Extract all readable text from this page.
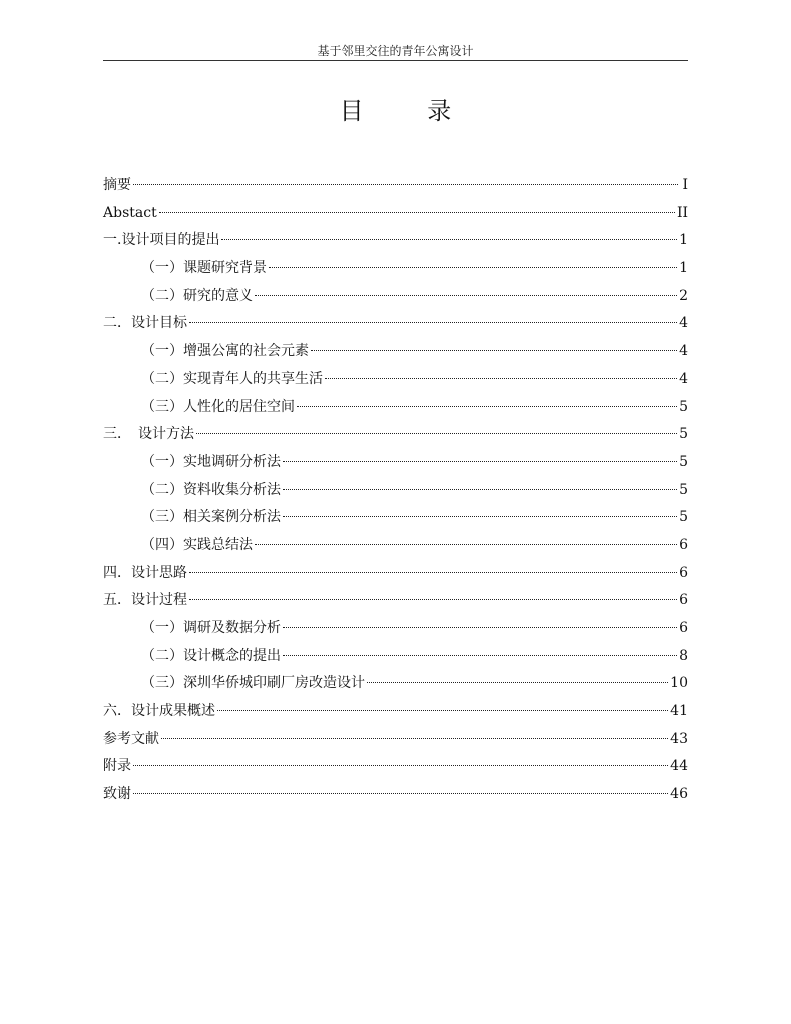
基于邻里交往的青年公寓设计
目 录
摘要	I
Abstact	II
一.设计项目的提出	1
（一）课题研究背景	1
（二）研究的意义	2
二．设计目标	4
（一）增强公寓的社会元素	4
（二）实现青年人的共享生活	4
（三）人性化的居住空间	5
三．　设计方法	5
（一）实地调研分析法	5
（二）资料收集分析法	5
（三）相关案例分析法	5
（四）实践总结法	6
四．设计思路	6
五．设计过程	6
（一）调研及数据分析	6
（二）设计概念的提出	8
（三）深圳华侨城印刷厂房改造设计	10
六．设计成果概述	41
参考文献	43
附录	44
致谢	46
